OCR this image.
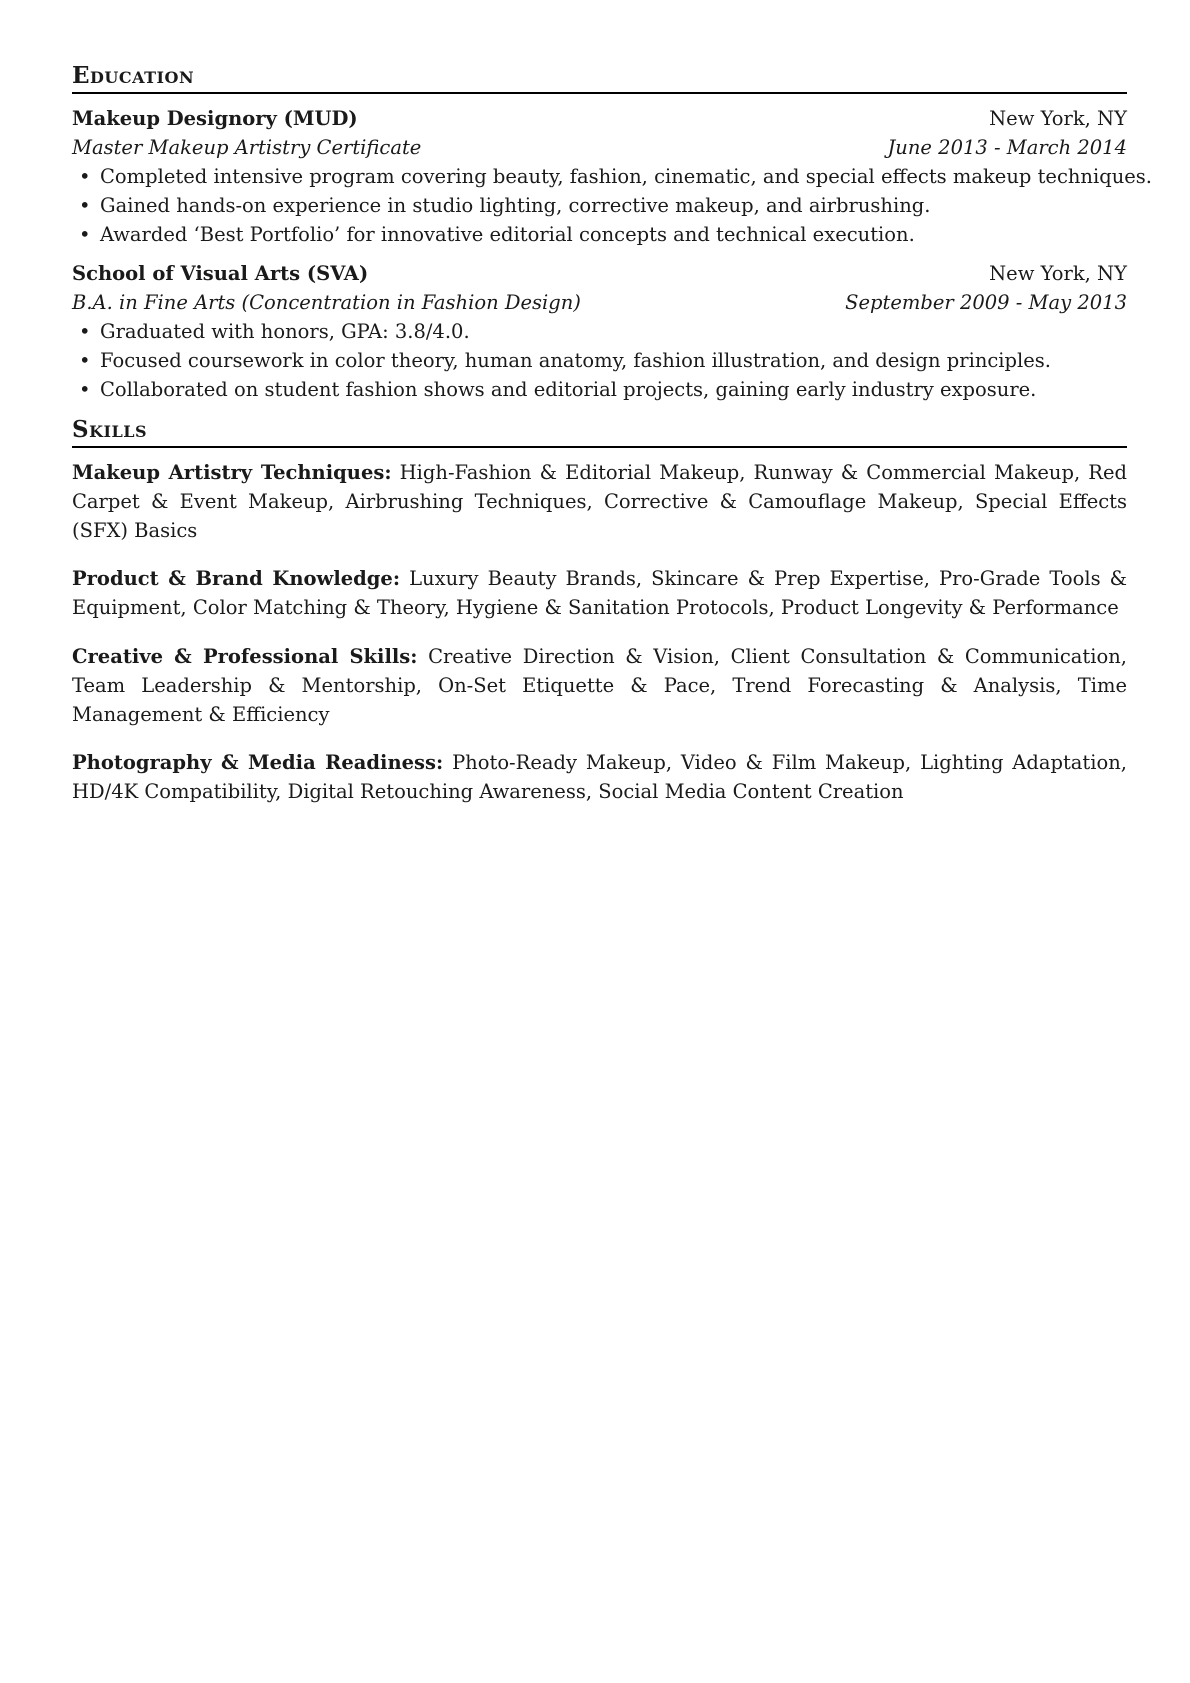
Education
Makeup Designory (MUD)	New York, NY
Master Makeup Artistry Certificate	June 2013 - March 2014
• Completed intensive program covering beauty, fashion, cinematic, and special effects makeup techniques.
• Gained hands-on experience in studio lighting, corrective makeup, and airbrushing.
• Awarded ‘Best Portfolio’ for innovative editorial concepts and technical execution.
School of Visual Arts (SVA)	New York, NY
B.A. in Fine Arts (Concentration in Fashion Design)	September 2009 - May 2013
• Graduated with honors, GPA: 3.8/4.0.
• Focused coursework in color theory, human anatomy, fashion illustration, and design principles.
• Collaborated on student fashion shows and editorial projects, gaining early industry exposure.
Skills

Makeup Artistry Techniques: High-Fashion & Editorial Makeup, Runway & Commercial Makeup, Red Carpet & Event Makeup, Airbrushing Techniques, Corrective & Camouflage Makeup, Special Effects (SFX) Basics

Product & Brand Knowledge: Luxury Beauty Brands, Skincare & Prep Expertise, Pro-Grade Tools & Equipment, Color Matching & Theory, Hygiene & Sanitation Protocols, Product Longevity & Performance

Creative & Professional Skills: Creative Direction & Vision, Client Consultation & Communication, Team Leadership & Mentorship, On-Set Etiquette & Pace, Trend Forecasting & Analysis, Time Management & Efficiency

Photography & Media Readiness: Photo-Ready Makeup, Video & Film Makeup, Lighting Adaptation, HD/4K Compatibility, Digital Retouching Awareness, Social Media Content Creation
